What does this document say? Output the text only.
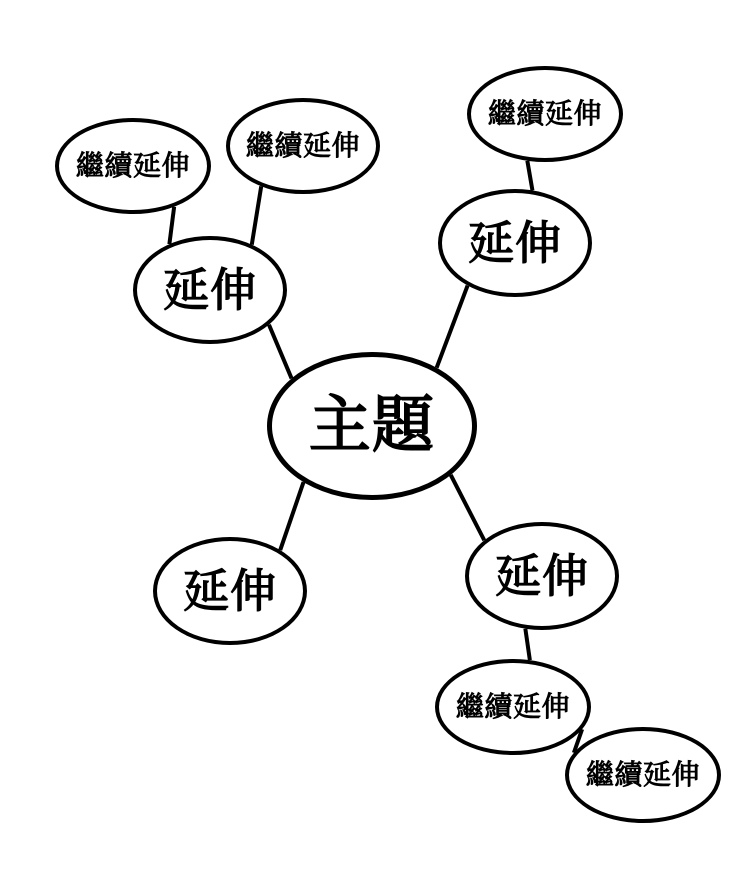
主題
延伸
繼續延伸
繼續延伸
延伸
繼續延伸
延伸
繼續延伸
繼續延伸
延伸
